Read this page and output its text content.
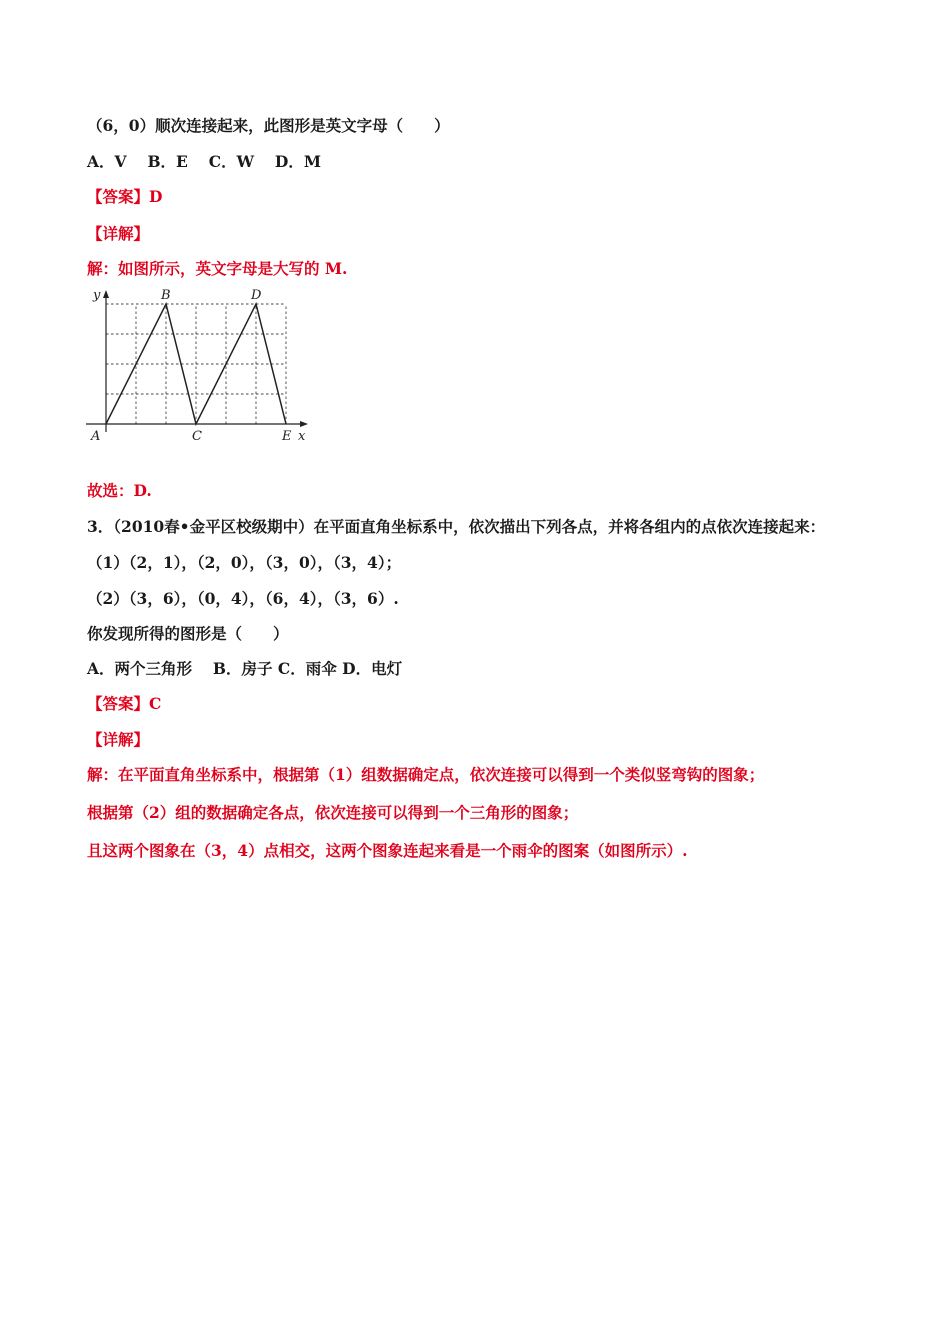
（6，0）顺次连接起来，此图形是英文字母（　　）
A．V　 B．E　 C．W　 D．M
【答案】D
【详解】
解：如图所示，英文字母是大写的 M.
y
x
A
B
C
D
E
故选：D.
3．（2010春•金平区校级期中）在平面直角坐标系中，依次描出下列各点，并将各组内的点依次连接起来：
（1）（2，1），（2，0），（3，0），（3，4）；
（2）（3，6），（0，4），（6，4），（3，6）.
你发现所得的图形是（　　）
A．两个三角形　 B．房子 C．雨伞 D．电灯
【答案】C
【详解】
解：在平面直角坐标系中，根据第（1）组数据确定点，依次连接可以得到一个类似竖弯钩的图象；
根据第（2）组的数据确定各点，依次连接可以得到一个三角形的图象；
且这两个图象在（3，4）点相交，这两个图象连起来看是一个雨伞的图案（如图所示）.
